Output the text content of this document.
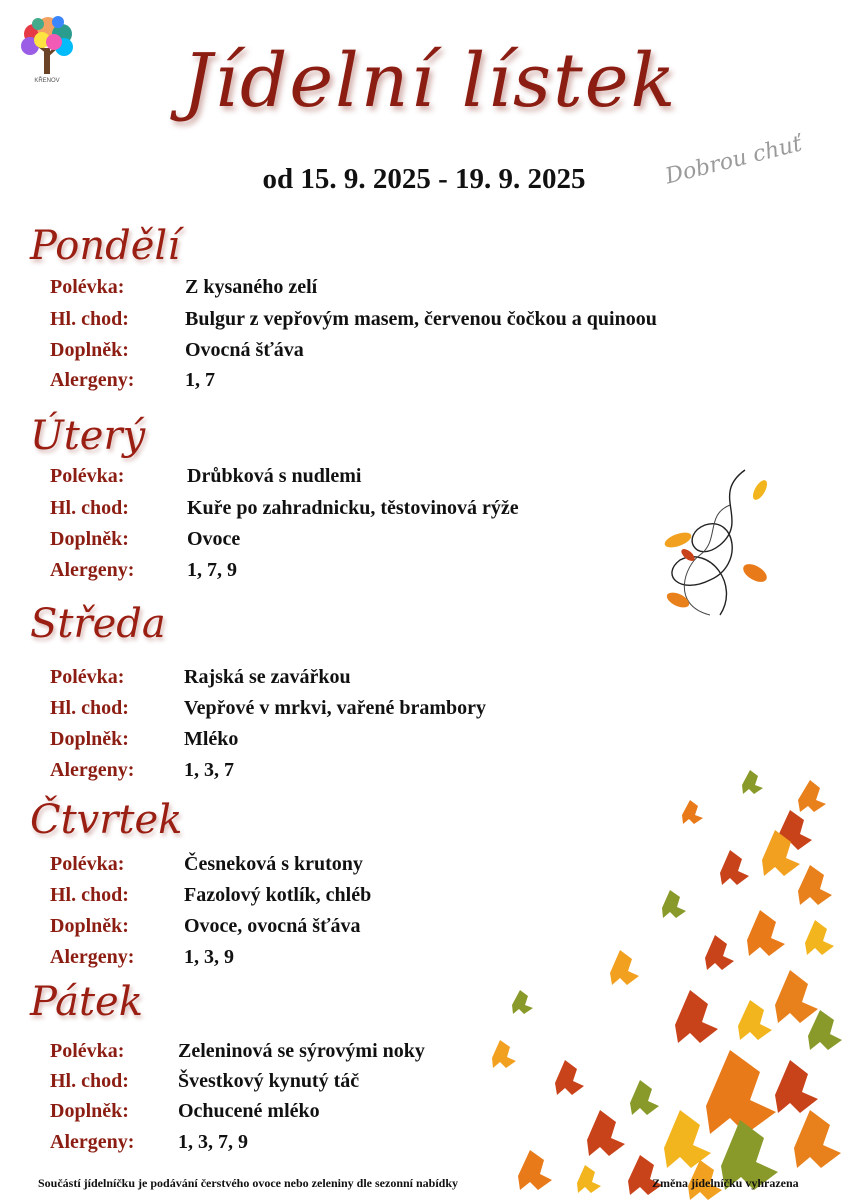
KŘENOV	Jídelní lístek
Dobrou chuť
od 15. 9. 2025 - 19. 9. 2025
Pondělí
Polévka:	Z kysaného zelí
Hl. chod:	Bulgur z vepřovým masem, červenou čočkou a quinoou
Doplněk:	Ovocná šťáva
Alergeny:	1, 7
Úterý
Polévka:	Drůbková s nudlemi
Hl. chod:	Kuře po zahradnicku, těstovinová rýže
Doplněk:	Ovoce
Alergeny:	1, 7, 9
Středa
Polévka:	Rajská se zavářkou
Hl. chod:	Vepřové v mrkvi, vařené brambory
Doplněk:	Mléko
Alergeny: 1, 3, 7
Čtvrtek
Polévka:	Česneková s krutony
Hl. chod:	Fazolový kotlík, chléb
Doplněk:	Ovoce, ovocná šťáva
Alergeny: 1, 3, 9
Pátek
Polévka:	Zeleninová se sýrovými noky
Hl. chod: Švestkový kynutý táč
Doplněk: Ochucené mléko
Alergeny: 1, 3, 7, 9
Součástí jídelníčku je podávání čerstvého ovoce nebo zeleniny dle sezonní nabídky	Změna jídelníčku vyhrazena
